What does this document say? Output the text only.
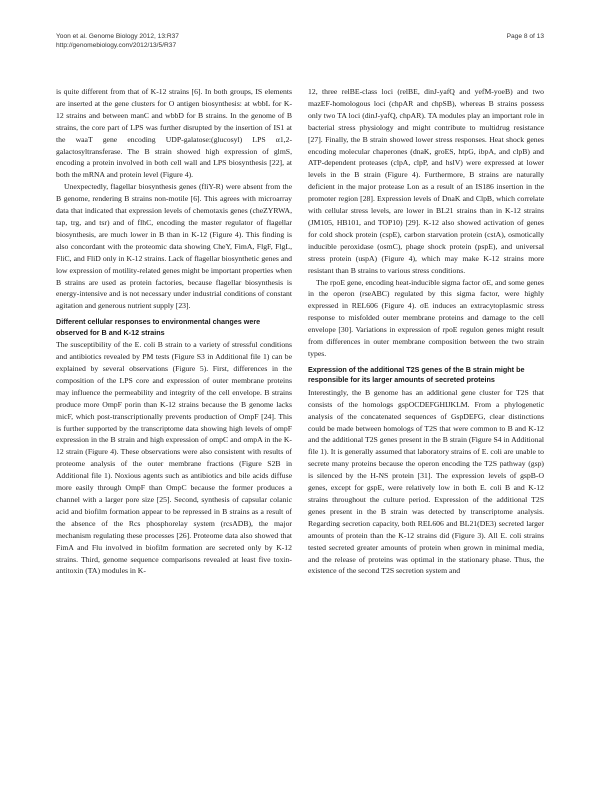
Yoon et al. Genome Biology 2012, 13:R37	Page 8 of 13
http://genomebiology.com/2012/13/5/R37

is quite different from that of K-12 strains [6]. In both groups, IS elements are inserted at the gene clusters for O antigen biosynthesis: at wbbL for K-12 strains and between manC and wbbD for B strains. In the genome of B strains, the core part of LPS was further disrupted by the insertion of IS1 at the waaT gene encoding UDP-galatose:(glucosyl) LPS α1,2-galactosyltransferase. The B strain showed high expression of glmS, encoding a protein involved in both cell wall and LPS biosynthesis [22], at both the mRNA and protein level (Figure 4).

Unexpectedly, flagellar biosynthesis genes (fliY-R) were absent from the B genome, rendering B strains non-motile [6]. This agrees with microarray data that indicated that expression levels of chemotaxis genes (cheZYRWA, tap, trg, and tsr) and of flhC, encoding the master regulator of flagellar biosynthesis, are much lower in B than in K-12 (Figure 4). This finding is also concordant with the proteomic data showing CheY, FimA, FlgF, FlgL, FliC, and FliD only in K-12 strains. Lack of flagellar biosynthetic genes and low expression of motility-related genes might be important properties when B strains are used as protein factories, because flagellar biosynthesis is energy-intensive and is not necessary under industrial conditions of constant agitation and generous nutrient supply [23].

Different cellular responses to environmental changes were observed for B and K-12 strains

The susceptibility of the E. coli B strain to a variety of stressful conditions and antibiotics revealed by PM tests (Figure S3 in Additional file 1) can be explained by several observations (Figure 5). First, differences in the composition of the LPS core and expression of outer membrane proteins may influence the permeability and integrity of the cell envelope. B strains produce more OmpF porin than K-12 strains because the B genome lacks micF, which post-transcriptionally prevents production of OmpF [24]. This is further supported by the transcriptome data showing high levels of ompF expression in the B strain and high expression of ompC and ompA in the K-12 strain (Figure 4). These observations were also consistent with results of proteome analysis of the outer membrane fractions (Figure S2B in Additional file 1). Noxious agents such as antibiotics and bile acids diffuse more easily through OmpF than OmpC because the former produces a channel with a larger pore size [25]. Second, synthesis of capsular colanic acid and biofilm formation appear to be repressed in B strains as a result of the absence of the Rcs phosphorelay system (rcsADB), the major mechanism regulating these processes [26]. Proteome data also showed that FimA and Flu involved in biofilm formation are secreted only by K-12 strains. Third, genome sequence comparisons revealed at least five toxin-antitoxin (TA) modules in K-

12, three relBE-class loci (relBE, dinJ-yafQ and yefM-yoeB) and two mazEF-homologous loci (chpAR and chpSB), whereas B strains possess only two TA loci (dinJ-yafQ, chpAR). TA modules play an important role in bacterial stress physiology and might contribute to multidrug resistance [27]. Finally, the B strain showed lower stress responses. Heat shock genes encoding molecular chaperones (dnaK, groES, htpG, ibpA, and clpB) and ATP-dependent proteases (clpA, clpP, and hslV) were expressed at lower levels in the B strain (Figure 4). Furthermore, B strains are naturally deficient in the major protease Lon as a result of an IS186 insertion in the promoter region [28]. Expression levels of DnaK and ClpB, which correlate with cellular stress levels, are lower in BL21 strains than in K-12 strains (JM105, HB101, and TOP10) [29]. K-12 also showed activation of genes for cold shock protein (cspE), carbon starvation protein (cstA), osmotically inducible peroxidase (osmC), phage shock protein (pspE), and universal stress protein (uspA) (Figure 4), which may make K-12 strains more resistant than B strains to various stress conditions.

The rpoE gene, encoding heat-inducible sigma factor σE, and some genes in the operon (rseABC) regulated by this sigma factor, were highly expressed in REL606 (Figure 4). σE induces an extracytoplasmic stress response to misfolded outer membrane proteins and damage to the cell envelope [30]. Variations in expression of rpoE regulon genes might result from differences in outer membrane composition between the two strain types.

Expression of the additional T2S genes of the B strain might be responsible for its larger amounts of secreted proteins

Interestingly, the B genome has an additional gene cluster for T2S that consists of the homologs gspOCDEFGHIJKLM. From a phylogenetic analysis of the concatenated sequences of GspDEFG, clear distinctions could be made between homologs of T2S that were common to B and K-12 and the additional T2S genes present in the B strain (Figure S4 in Additional file 1). It is generally assumed that laboratory strains of E. coli are unable to secrete many proteins because the operon encoding the T2S pathway (gsp) is silenced by the H-NS protein [31]. The expression levels of gspB-O genes, except for gspE, were relatively low in both E. coli B and K-12 strains throughout the culture period. Expression of the additional T2S genes present in the B strain was detected by transcriptome analysis. Regarding secretion capacity, both REL606 and BL21(DE3) secreted larger amounts of protein than the K-12 strains did (Figure 3). All E. coli strains tested secreted greater amounts of protein when grown in minimal media, and the release of proteins was optimal in the stationary phase. Thus, the existence of the second T2S secretion system and
